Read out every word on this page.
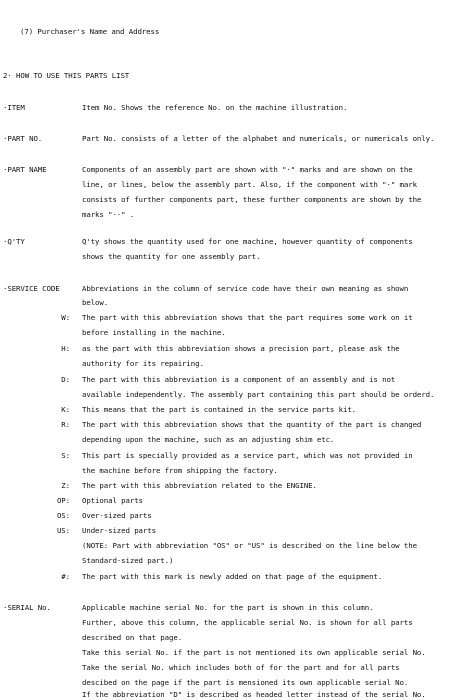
(7) Purchaser's Name and Address
2· HOW TO USE THIS PARTS LIST
·ITEM	Item No. Shows the reference No. on the machine illustration.
·PART NO.	Part No. consists of a letter of the alphabet and numericals, or numericals only.
·PART NAME	Components of an assembly part are shown with "·" marks and are shown on the
line, or lines, below the assembly part. Also, if the component with "·" mark
consists of further components part, these further components are shown by the
marks "··" .
·Q'TY	Q'ty shows the quantity used for one machine, however quantity of components
shows the quantity for one assembly part.
·SERVICE CODE	Abbreviations in the column of service code have their own meaning as shown
below.
W: The part with this abbreviation shows that the part requires some work on it
before installing in the machine.
H: as the part with this abbreviation shows a precision part, please ask the
authority for its repairing.
D: The part with this abbreviation is a component of an assembly and is not
available independently. The assembly part containing this part should be orderd.
K: This means that the part is contained in the service parts kit.
R: The part with this abbreviation shows that the quantity of the part is changed
depending upon the machine, such as an adjusting shim etc.
S: This part is specially provided as a service part, which was not provided in
the machine before from shipping the factory.
Z: The part with this abbreviation related to the ENGINE.
OP: Optional parts
OS: Over-sized parts
US: Under-sized parts
(NOTE: Part with abbreviation "OS" or "US" is described on the line below the
Standard-sized part.)
#: The part with this mark is newly added on that page of the equipment.
·SERIAL No.	Applicable machine serial No. for the part is shown in this column.
Further, above this column, the applicable serial No. is shown for all parts
described on that page.
Take this serial No. if the part is not mentioned its own applicable serial No.
Take the serial No. which includes both of for the part and for all parts
descibed on the page if the part is mensioned its own applicable serial No.
If the abbreviation "D" is described as headed letter instead of the serial No.
